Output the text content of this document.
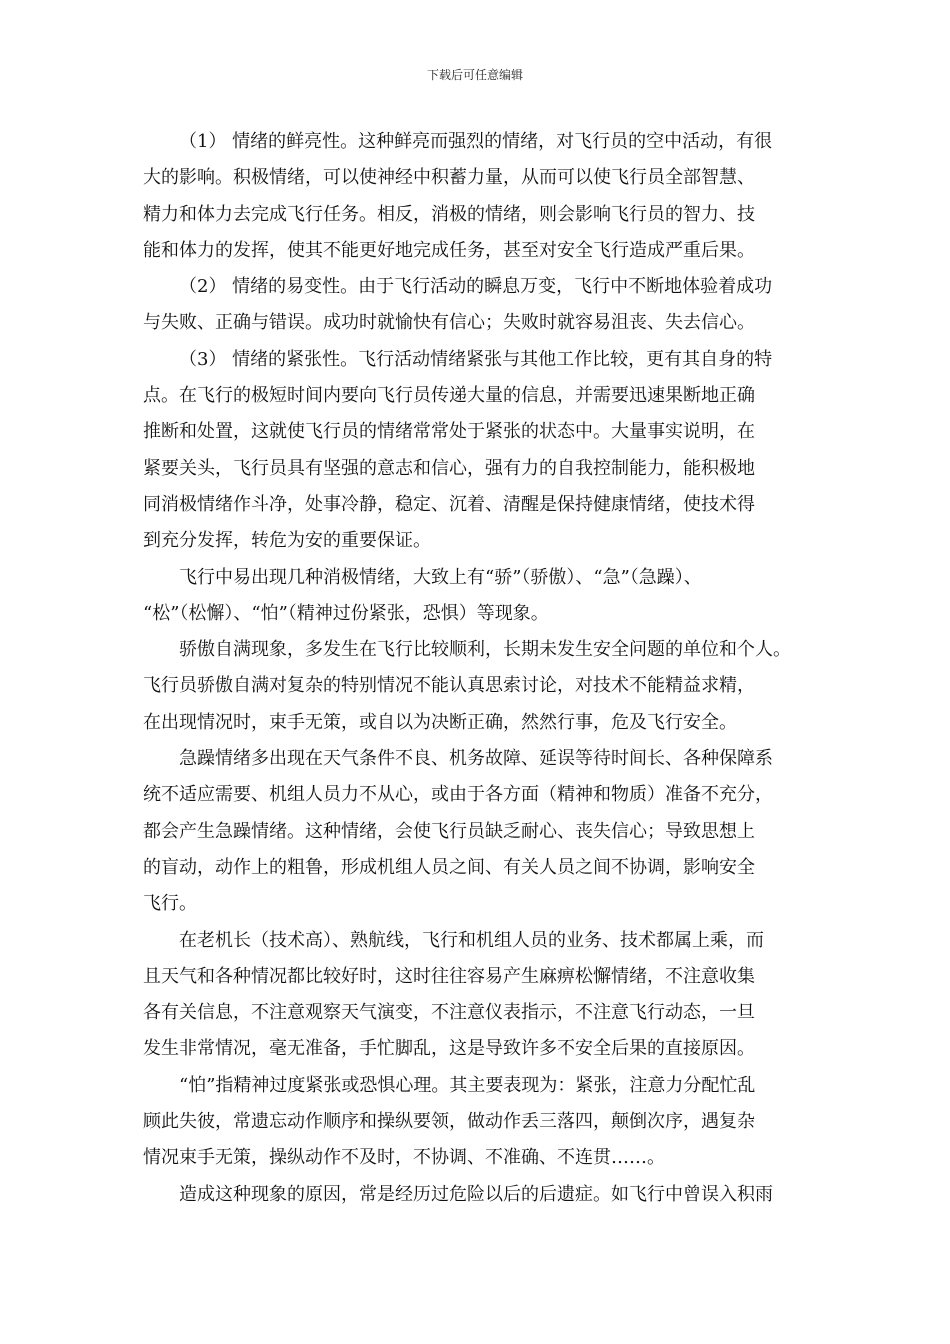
下载后可任意编辑

（1） 情绪的鲜亮性。这种鲜亮而强烈的情绪，对飞行员的空中活动，有很
大的影响。积极情绪，可以使神经中积蓄力量，从而可以使飞行员全部智慧、
精力和体力去完成飞行任务。相反，消极的情绪，则会影响飞行员的智力、技
能和体力的发挥，使其不能更好地完成任务，甚至对安全飞行造成严重后果。

（2） 情绪的易变性。由于飞行活动的瞬息万变，飞行中不断地体验着成功
与失败、正确与错误。成功时就愉快有信心；失败时就容易沮丧、失去信心。

（3） 情绪的紧张性。飞行活动情绪紧张与其他工作比较，更有其自身的特
点。在飞行的极短时间内要向飞行员传递大量的信息，并需要迅速果断地正确
推断和处置，这就使飞行员的情绪常常处于紧张的状态中。大量事实说明，在
紧要关头，飞行员具有坚强的意志和信心，强有力的自我控制能力，能积极地
同消极情绪作斗净，处事冷静，稳定、沉着、清醒是保持健康情绪，使技术得
到充分发挥，转危为安的重要保证。

飞行中易出现几种消极情绪，大致上有“骄”（骄傲）、“急”（急躁）、
“松”（松懈）、“怕”（精神过份紧张，恐惧）等现象。

骄傲自满现象，多发生在飞行比较顺利，长期未发生安全问题的单位和个人。
飞行员骄傲自满对复杂的特别情况不能认真思索讨论，对技术不能精益求精，
在出现情况时，束手无策，或自以为决断正确，然然行事，危及飞行安全。

急躁情绪多出现在天气条件不良、机务故障、延误等待时间长、各种保障系
统不适应需要、机组人员力不从心，或由于各方面（精神和物质）准备不充分，
都会产生急躁情绪。这种情绪，会使飞行员缺乏耐心、丧失信心；导致思想上
的盲动，动作上的粗鲁，形成机组人员之间、有关人员之间不协调，影响安全
飞行。

在老机长（技术高）、熟航线，飞行和机组人员的业务、技术都属上乘，而
且天气和各种情况都比较好时，这时往往容易产生麻痹松懈情绪，不注意收集
各有关信息，不注意观察天气演变，不注意仪表指示，不注意飞行动态，一旦
发生非常情况，毫无准备，手忙脚乱，这是导致许多不安全后果的直接原因。

“怕”指精神过度紧张或恐惧心理。其主要表现为：紧张，注意力分配忙乱
顾此失彼，常遗忘动作顺序和操纵要领，做动作丢三落四，颠倒次序，遇复杂
情况束手无策，操纵动作不及时，不协调、不准确、不连贯……。

造成这种现象的原因，常是经历过危险以后的后遗症。如飞行中曾误入积雨
